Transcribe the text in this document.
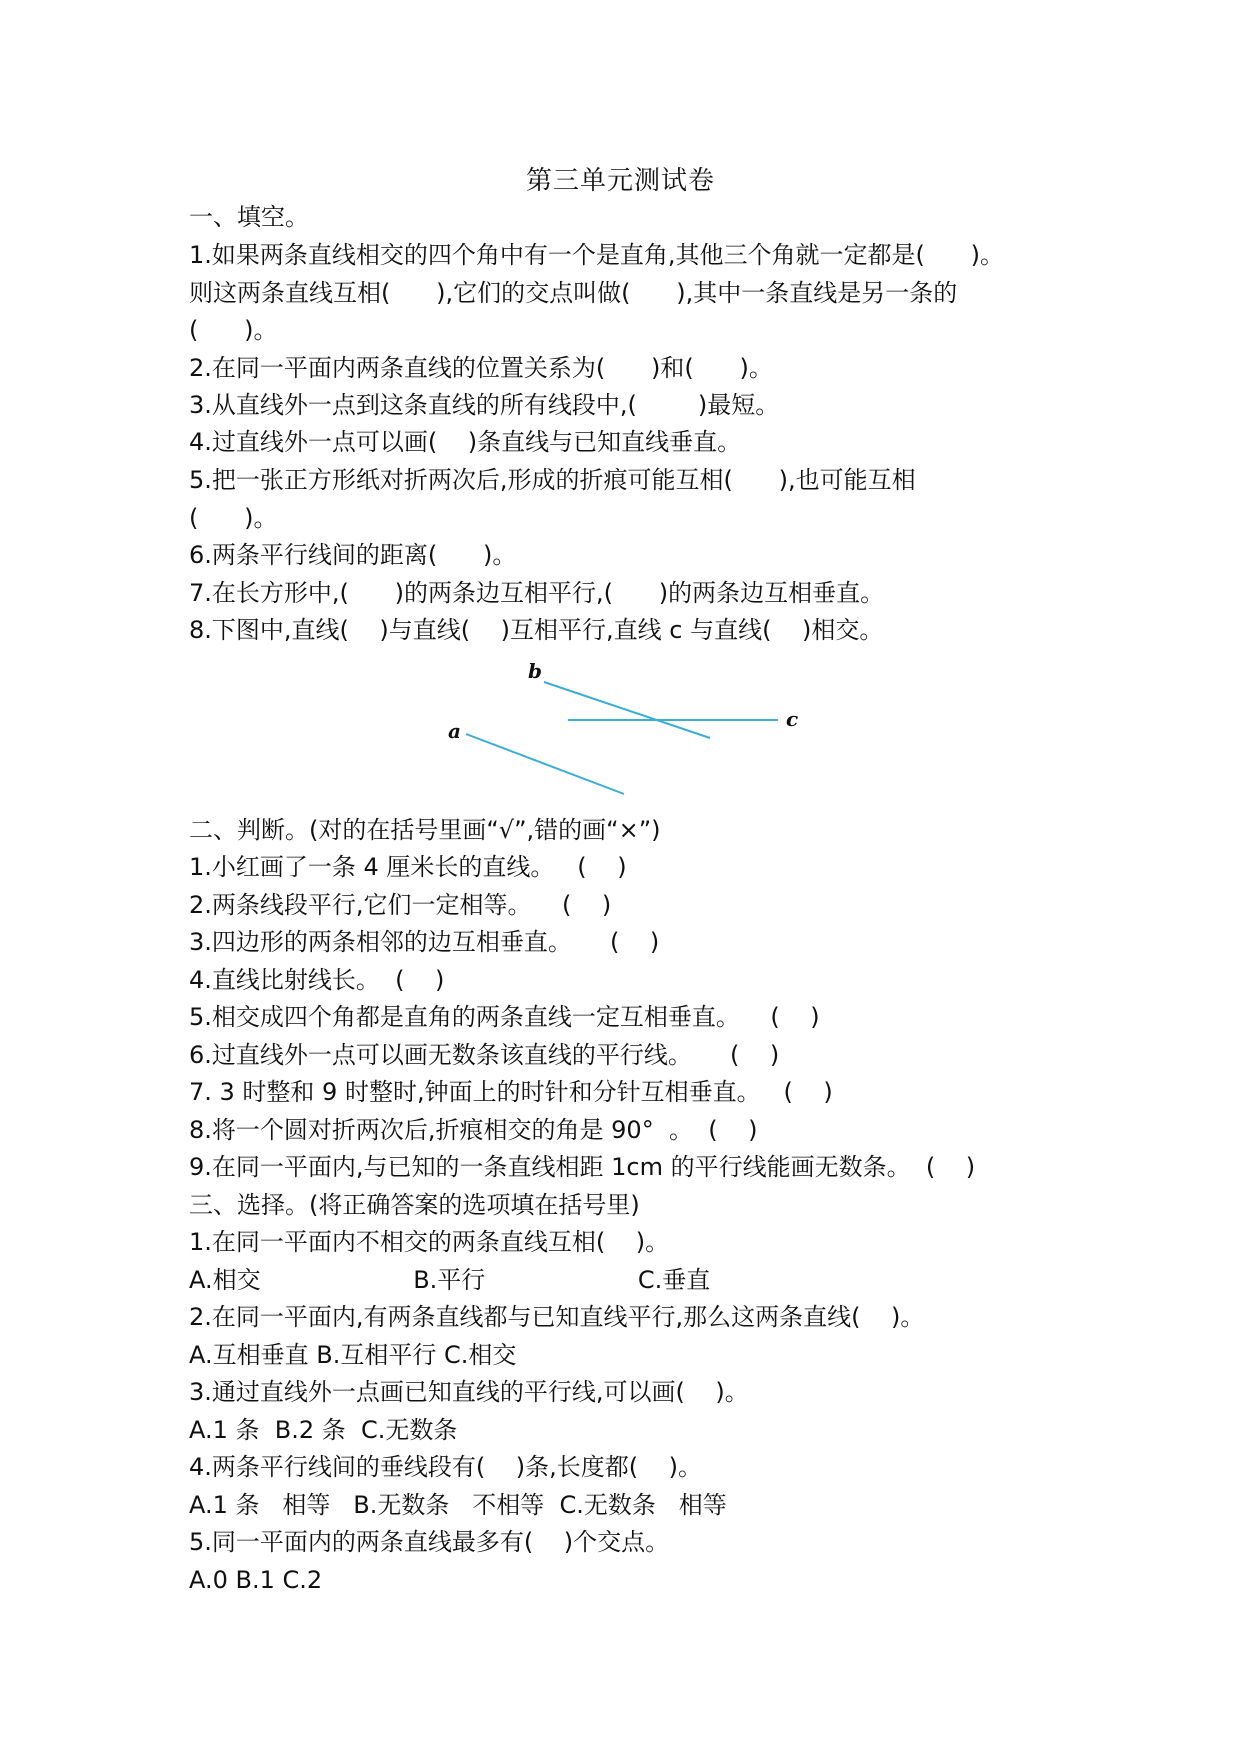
第三单元测试卷
一、填空。
1.如果两条直线相交的四个角中有一个是直角,其他三个角就一定都是(      )。
则这两条直线互相(      ),它们的交点叫做(      ),其中一条直线是另一条的
(      )。
2.在同一平面内两条直线的位置关系为(      )和(      )。
3.从直线外一点到这条直线的所有线段中,(        )最短。
4.过直线外一点可以画(    )条直线与已知直线垂直。
5.把一张正方形纸对折两次后,形成的折痕可能互相(      ),也可能互相
(      )。
6.两条平行线间的距离(      )。
7.在长方形中,(      )的两条边互相平行,(      )的两条边互相垂直。
8.下图中,直线(    )与直线(    )互相平行,直线 c 与直线(    )相交。
b
c
a
二、判断。(对的在括号里画“√”,错的画“×”)
1.小红画了一条 4 厘米长的直线。   (    )
2.两条线段平行,它们一定相等。    (    )
3.四边形的两条相邻的边互相垂直。     (    )
4.直线比射线长。  (    )
5.相交成四个角都是直角的两条直线一定互相垂直。    (    )
6.过直线外一点可以画无数条该直线的平行线。     (    )
7. 3 时整和 9 时整时,钟面上的时针和分针互相垂直。   (    )
8.将一个圆对折两次后,折痕相交的角是 90°  。  (    )
9.在同一平面内,与已知的一条直线相距 1cm 的平行线能画无数条。  (    )
三、选择。(将正确答案的选项填在括号里)
1.在同一平面内不相交的两条直线互相(    )。
A.相交                    B.平行                    C.垂直
2.在同一平面内,有两条直线都与已知直线平行,那么这两条直线(    )。
A.互相垂直 B.互相平行 C.相交
3.通过直线外一点画已知直线的平行线,可以画(    )。
A.1 条  B.2 条  C.无数条
4.两条平行线间的垂线段有(    )条,长度都(    )。
A.1 条   相等   B.无数条   不相等  C.无数条   相等
5.同一平面内的两条直线最多有(    )个交点。
A.0 B.1 C.2
